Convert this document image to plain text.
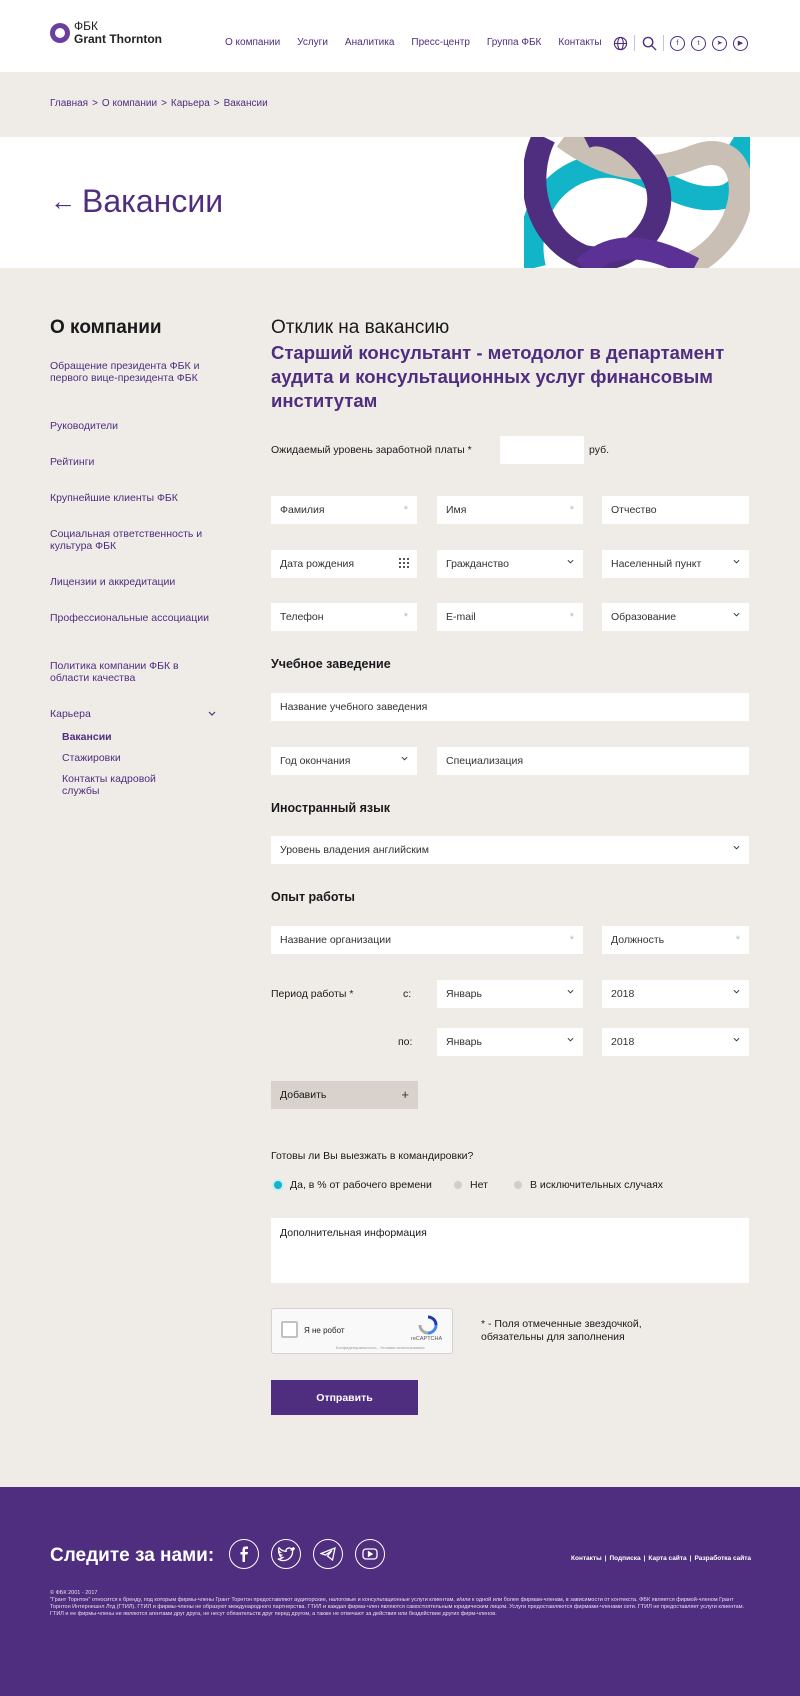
ФБК
Grant Thornton	О компании Услуги Аналитика Пресс-центр Группа ФБК Контакты	f	t	➤	▶
Главная > О компании > Карьера > Вакансии
← Вакансии
О компании
Обращение президента ФБК и первого вице-президента ФБК
Руководители
Рейтинги
Крупнейшие клиенты ФБК
Социальная ответственность и культура ФБК
Лицензии и аккредитации
Профессиональные ассоциации
Политика компании ФБК в области качества
Карьера
Вакансии
Стажировки
Контакты кадровой службы
Отклик на вакансию
Старший консультант - методолог в департамент аудита и консультационных услуг финансовым институтам
Ожидаемый уровень заработной платы *	руб.
Фамилия	*	Имя	*	Отчество
Дата рождения	Гражданство	Населенный пункт
Телефон	*	E-mail	*	Образование
Учебное заведение
Название учебного заведения
Год окончания	Специализация
Иностранный язык
Уровень владения английским
Опыт работы
Название организации	*	Должность	*
Период работы *	с:	Январь	2018
по:	Январь	2018
Добавить	+
Готовы ли Вы выезжать в командировки?
Да, в % от рабочего времени	Нет	В исключительных случаях
Дополнительная информация
Я не робот
reCAPTCHA
Конфиденциальность - Условия использования
* - Поля отмеченные звездочкой, обязательны для заполнения
Отправить
Следите за нами:	Контакты | Подписка | Карта сайта | Разработка сайта
© ФБК 2001 - 2017
"Грант Торнтон" относится к бренду, под которым фирмы-члены Грант Торнтон предоставляют аудиторские, налоговые и консультационные услуги клиентам, и/или к одной или более фирмам-членам, в зависимости от контекста. ФБК является фирмой-членом Грант Торнтон Интернешнл Лтд (ГТИЛ). ГТИЛ и фирмы-члены не образуют международного партнерства. ГТИЛ и каждая фирма-член являются самостоятельным юридическим лицом. Услуги предоставляются фирмами-членами сети. ГТИЛ не предоставляет услуги клиентам. ГТИЛ и ее фирмы-члены не являются агентами друг друга, не несут обязательств друг перед другом, а также не отвечают за действия или бездействие других фирм-членов.
